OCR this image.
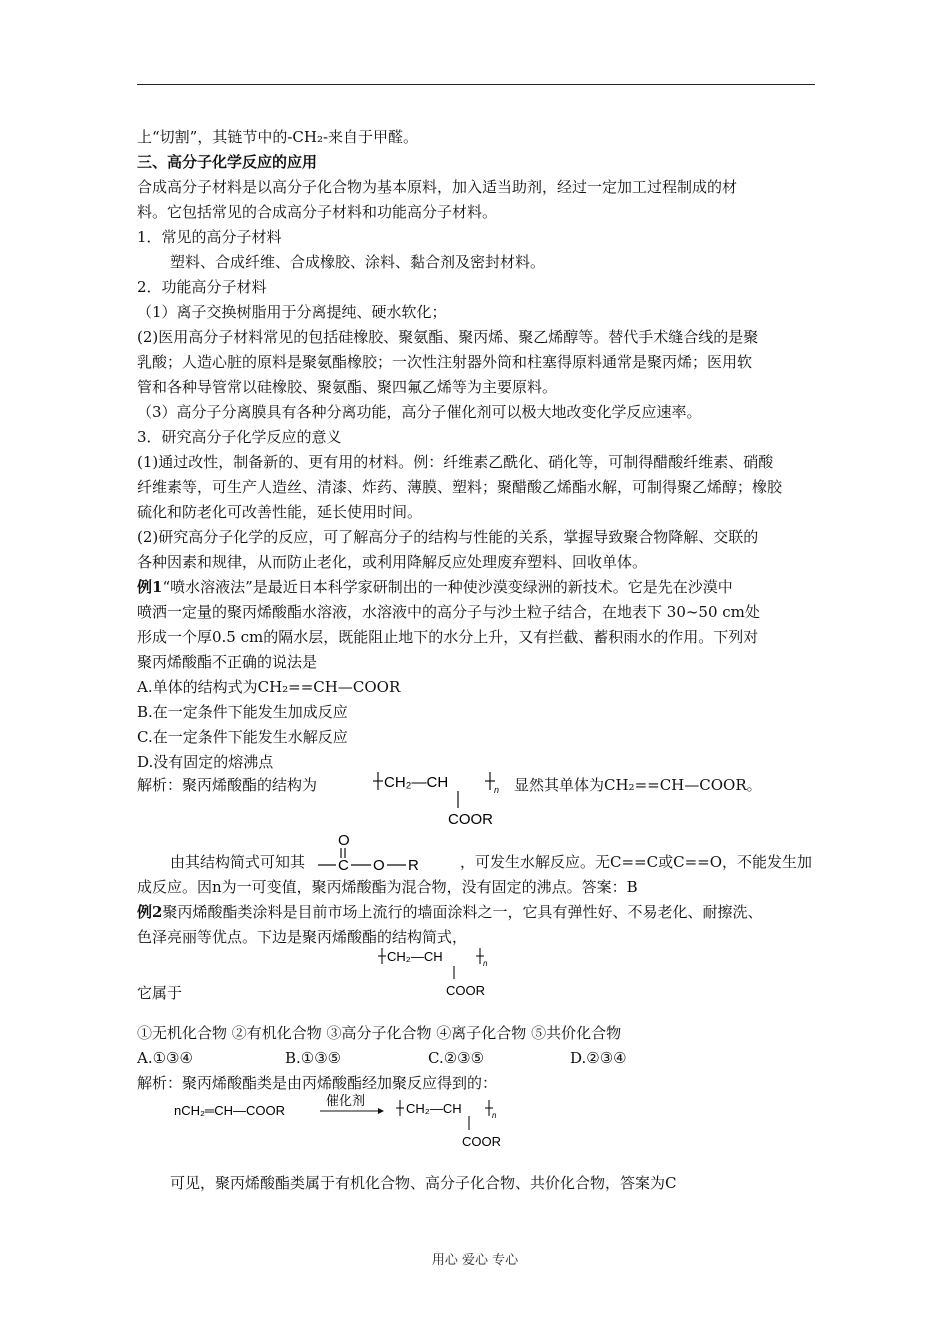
上“切割”，其链节中的-CH₂-来自于甲醛。
三、高分子化学反应的应用
合成高分子材料是以高分子化合物为基本原料，加入适当助剂，经过一定加工过程制成的材
料。它包括常见的合成高分子材料和功能高分子材料。
1．常见的高分子材料
塑料、合成纤维、合成橡胶、涂料、黏合剂及密封材料。
2．功能高分子材料
（1）离子交换树脂用于分离提纯、硬水软化；
(2)医用高分子材料常见的包括硅橡胶、聚氨酯、聚丙烯、聚乙烯醇等。替代手术缝合线的是聚
乳酸；人造心脏的原料是聚氨酯橡胶；一次性注射器外筒和柱塞得原料通常是聚丙烯；医用软
管和各种导管常以硅橡胶、聚氨酯、聚四氟乙烯等为主要原料。
（3）高分子分离膜具有各种分离功能，高分子催化剂可以极大地改变化学反应速率。
3．研究高分子化学反应的意义
(1)通过改性，制备新的、更有用的材料。例：纤维素乙酰化、硝化等，可制得醋酸纤维素、硝酸
纤维素等，可生产人造丝、清漆、炸药、薄膜、塑料；聚醋酸乙烯酯水解，可制得聚乙烯醇；橡胶
硫化和防老化可改善性能，延长使用时间。
(2)研究高分子化学的反应，可了解高分子的结构与性能的关系，掌握导致聚合物降解、交联的
各种因素和规律，从而防止老化，或利用降解反应处理废弃塑料、回收单体。
例1“喷水溶液法”是最近日本科学家研制出的一种使沙漠变绿洲的新技术。它是先在沙漠中
喷洒一定量的聚丙烯酸酯水溶液，水溶液中的高分子与沙土粒子结合，在地表下 30~50 cm处
形成一个厚0.5 cm的隔水层，既能阻止地下的水分上升，又有拦截、蓄积雨水的作用。下列对
聚丙烯酸酯不正确的说法是
A.单体的结构式为CH₂==CH—COOR
B.在一定条件下能发生加成反应
C.在一定条件下能发生水解反应
D.没有固定的熔沸点
解析：聚丙烯酸酯的结构为	CH₂—CH	n
COOR
显然其单体为CH₂==CH—COOR。
O
C O R
由其结构简式可知其	，可发生水解反应。无C==C或C==O，不能发生加
成反应。因n为一可变值，聚丙烯酸酯为混合物，没有固定的沸点。答案：B
例2聚丙烯酸酯类涂料是目前市场上流行的墙面涂料之一，它具有弹性好、不易老化、耐擦洗、
色泽亮丽等优点。下边是聚丙烯酸酯的结构简式，
CH₂—CH	n
COOR
它属于
①无机化合物 ②有机化合物 ③高分子化合物 ④离子化合物 ⑤共价化合物
A.①③④	B.①③⑤	C.②③⑤	D.②③④
解析：聚丙烯酸酯类是由丙烯酸酯经加聚反应得到的：
nCH₂═CH—COOR
催化剂
CH₂—CH	n
COOR
可见，聚丙烯酸酯类属于有机化合物、高分子化合物、共价化合物，答案为C
用心 爱心 专心
